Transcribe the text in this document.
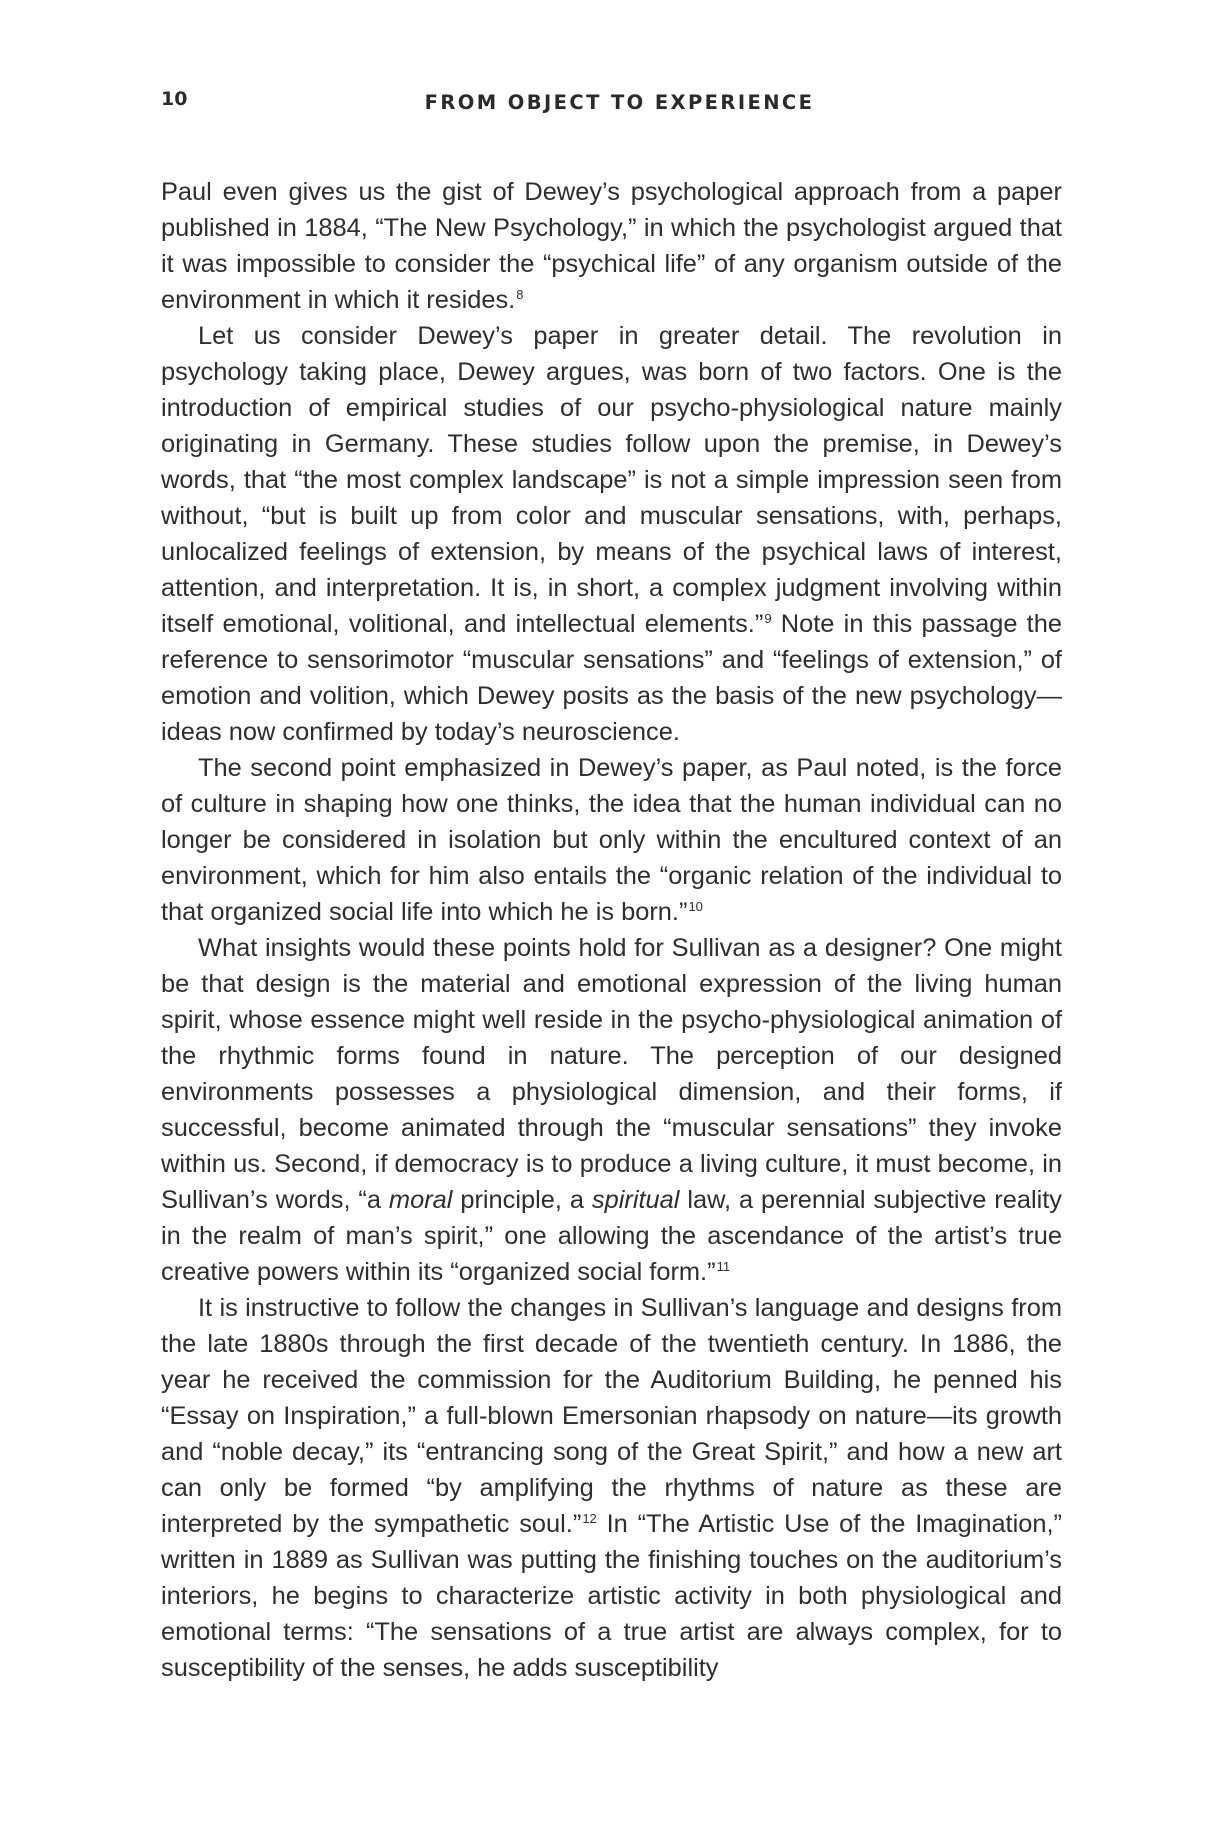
10	FROM OBJECT TO EXPERIENCE

Paul even gives us the gist of Dewey’s psychological approach from a paper published in 1884, “The New Psychology,” in which the psychologist argued that it was impossible to consider the “psychical life” of any organism outside of the environment in which it resides.$^8$

Let us consider Dewey’s paper in greater detail. The revolution in psychology taking place, Dewey argues, was born of two factors. One is the introduction of empirical studies of our psycho-physiological nature mainly originating in Germany. These studies follow upon the premise, in Dewey’s words, that “the most complex landscape” is not a simple impression seen from without, “but is built up from color and muscular sensations, with, perhaps, unlocalized feelings of extension, by means of the psychical laws of interest, attention, and interpretation. It is, in short, a complex judgment involving within itself emotional, volitional, and intellectual elements.”$^9$ Note in this passage the reference to sensorimotor “muscular sensations” and “feelings of extension,” of emotion and volition, which Dewey posits as the basis of the new psychology—ideas now confirmed by today’s neuroscience.

The second point emphasized in Dewey’s paper, as Paul noted, is the force of culture in shaping how one thinks, the idea that the human individual can no longer be considered in isolation but only within the encultured context of an environment, which for him also entails the “organic relation of the individual to that organized social life into which he is born.”$^{10}$

What insights would these points hold for Sullivan as a designer? One might be that design is the material and emotional expression of the living human spirit, whose essence might well reside in the psycho-physiological animation of the rhythmic forms found in nature. The perception of our designed environments possesses a physiological dimension, and their forms, if successful, become animated through the “muscular sensations” they invoke within us. Second, if democracy is to produce a living culture, it must become, in Sullivan’s words, “a moral principle, a spiritual law, a perennial subjective reality in the realm of man’s spirit,” one allowing the ascendance of the artist’s true creative powers within its “organized social form.”$^{11}$

It is instructive to follow the changes in Sullivan’s language and designs from the late 1880s through the first decade of the twentieth century. In 1886, the year he received the commission for the Auditorium Building, he penned his “Essay on Inspiration,” a full-blown Emersonian rhapsody on nature—its growth and “noble decay,” its “entrancing song of the Great Spirit,” and how a new art can only be formed “by amplifying the rhythms of nature as these are interpreted by the sympathetic soul.”$^{12}$ In “The Artistic Use of the Imagination,” written in 1889 as Sullivan was putting the finishing touches on the auditorium’s interiors, he begins to characterize artistic activity in both physiological and emotional terms: “The sensations of a true artist are always complex, for to susceptibility of the senses, he adds susceptibility
